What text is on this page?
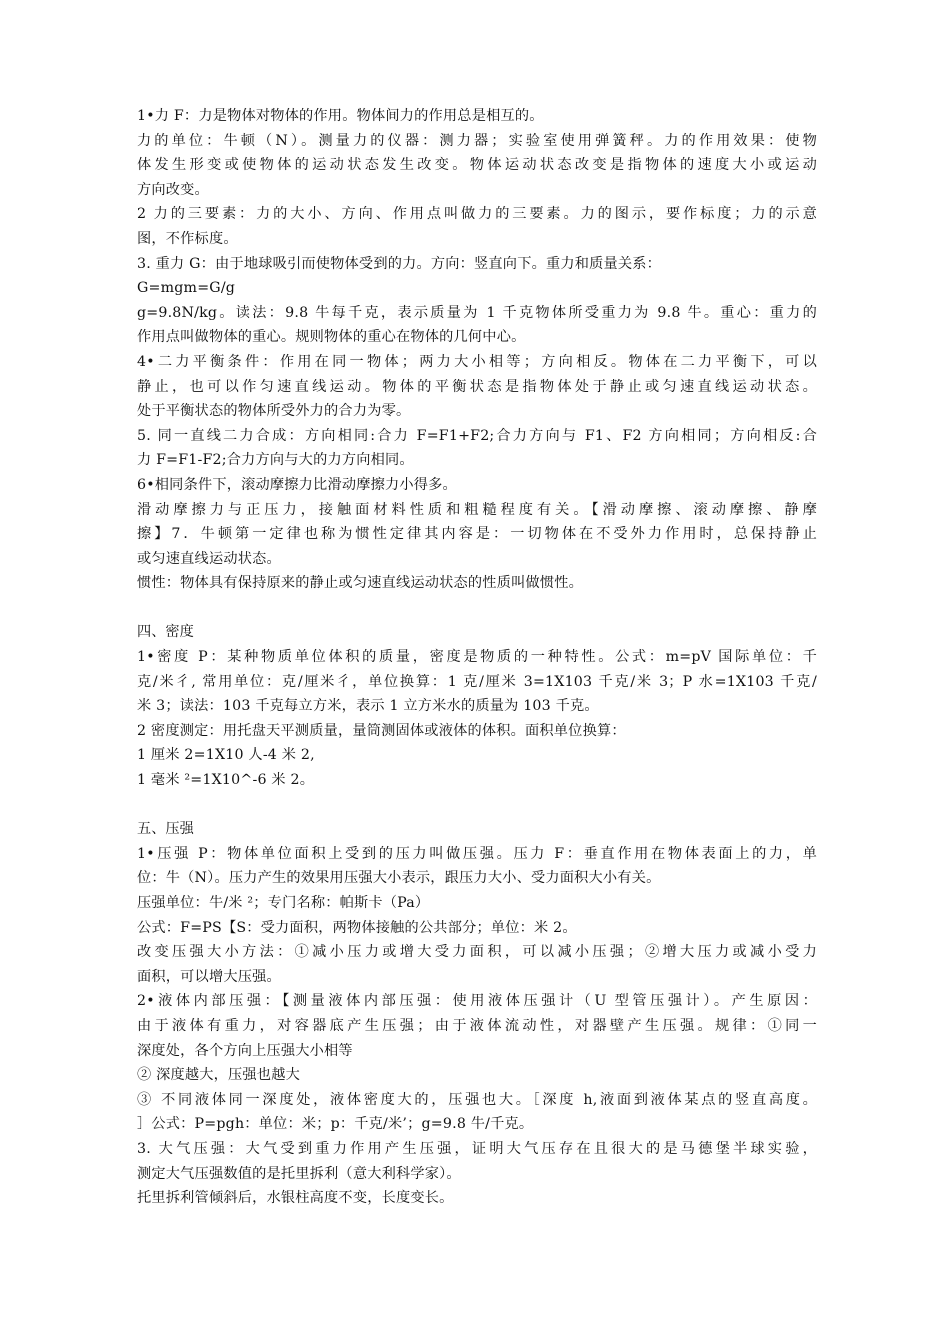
1•力 F：力是物体对物体的作用。物体间力的作用总是相互的。
力的单位：牛顿（N）。测量力的仪器：测力器；实验室使用弹簧秤。力的作用效果：使物
体发生形变或使物体的运动状态发生改变。物体运动状态改变是指物体的速度大小或运动
方向改变。
2 力的三要素：力的大小、方向、作用点叫做力的三要素。力的图示，要作标度；力的示意
图，不作标度。
3. 重力 G：由于地球吸引而使物体受到的力。方向：竖直向下。重力和质量关系：
G=mgm=G/g
g=9.8N/kg。读法：9.8 牛每千克，表示质量为 1 千克物体所受重力为 9.8 牛。重心：重力的
作用点叫做物体的重心。规则物体的重心在物体的几何中心。
4•二力平衡条件：作用在同一物体；两力大小相等；方向相反。物体在二力平衡下，可以
静止，也可以作匀速直线运动。物体的平衡状态是指物体处于静止或匀速直线运动状态。
处于平衡状态的物体所受外力的合力为零。
5. 同一直线二力合成：方向相同:合力 F=F1+F2;合力方向与 F1、F2 方向相同；方向相反:合
力 F=F1-F2;合力方向与大的力方向相同。
6•相同条件下，滚动摩擦力比滑动摩擦力小得多。
滑动摩擦力与正压力，接触面材料性质和粗糙程度有关。【滑动摩擦、滚动摩擦、静摩
擦】7．牛顿第一定律也称为惯性定律其内容是：一切物体在不受外力作用时，总保持静止
或匀速直线运动状态。
惯性：物体具有保持原来的静止或匀速直线运动状态的性质叫做惯性。
四、密度
1•密度 P：某种物质单位体积的质量，密度是物质的一种特性。公式：m=pV 国际单位：千
克/米彳, 常用单位：克/厘米彳，单位换算：1 克/厘米 3=1X103 千克/米 3；P 水=1X103 千克/
米 3；读法：103 千克每立方米，表示 1 立方米水的质量为 103 千克。
2 密度测定：用托盘天平测质量，量筒测固体或液体的体积。面积单位换算：
1 厘米 2=1X10 人-4 米 2,
1 毫米 ²=1X10^-6 米 2。
五、压强
1•压强 P：物体单位面积上受到的压力叫做压强。压力 F：垂直作用在物体表面上的力，单
位：牛（N）。压力产生的效果用压强大小表示，跟压力大小、受力面积大小有关。
压强单位：牛/米 ²；专门名称：帕斯卡（Pa）
公式：F=PS【S：受力面积，两物体接触的公共部分；单位：米 2。
改变压强大小方法：①减小压力或增大受力面积，可以减小压强；②增大压力或减小受力
面积，可以增大压强。
2•液体内部压强：【测量液体内部压强：使用液体压强计（U 型管压强计）。产生原因：
由于液体有重力，对容器底产生压强；由于液体流动性，对器壁产生压强。规律：①同一
深度处，各个方向上压强大小相等
② 深度越大，压强也越大
③ 不同液体同一深度处，液体密度大的，压强也大。［深度 h,液面到液体某点的竖直高度。
］公式：P=pgh：单位：米；p：千克/米’；g=9.8 牛/千克。
3. 大气压强：大气受到重力作用产生压强，证明大气压存在且很大的是马德堡半球实验，
测定大气压强数值的是托里拆利（意大利科学家）。
托里拆利管倾斜后，水银柱高度不变，长度变长。
